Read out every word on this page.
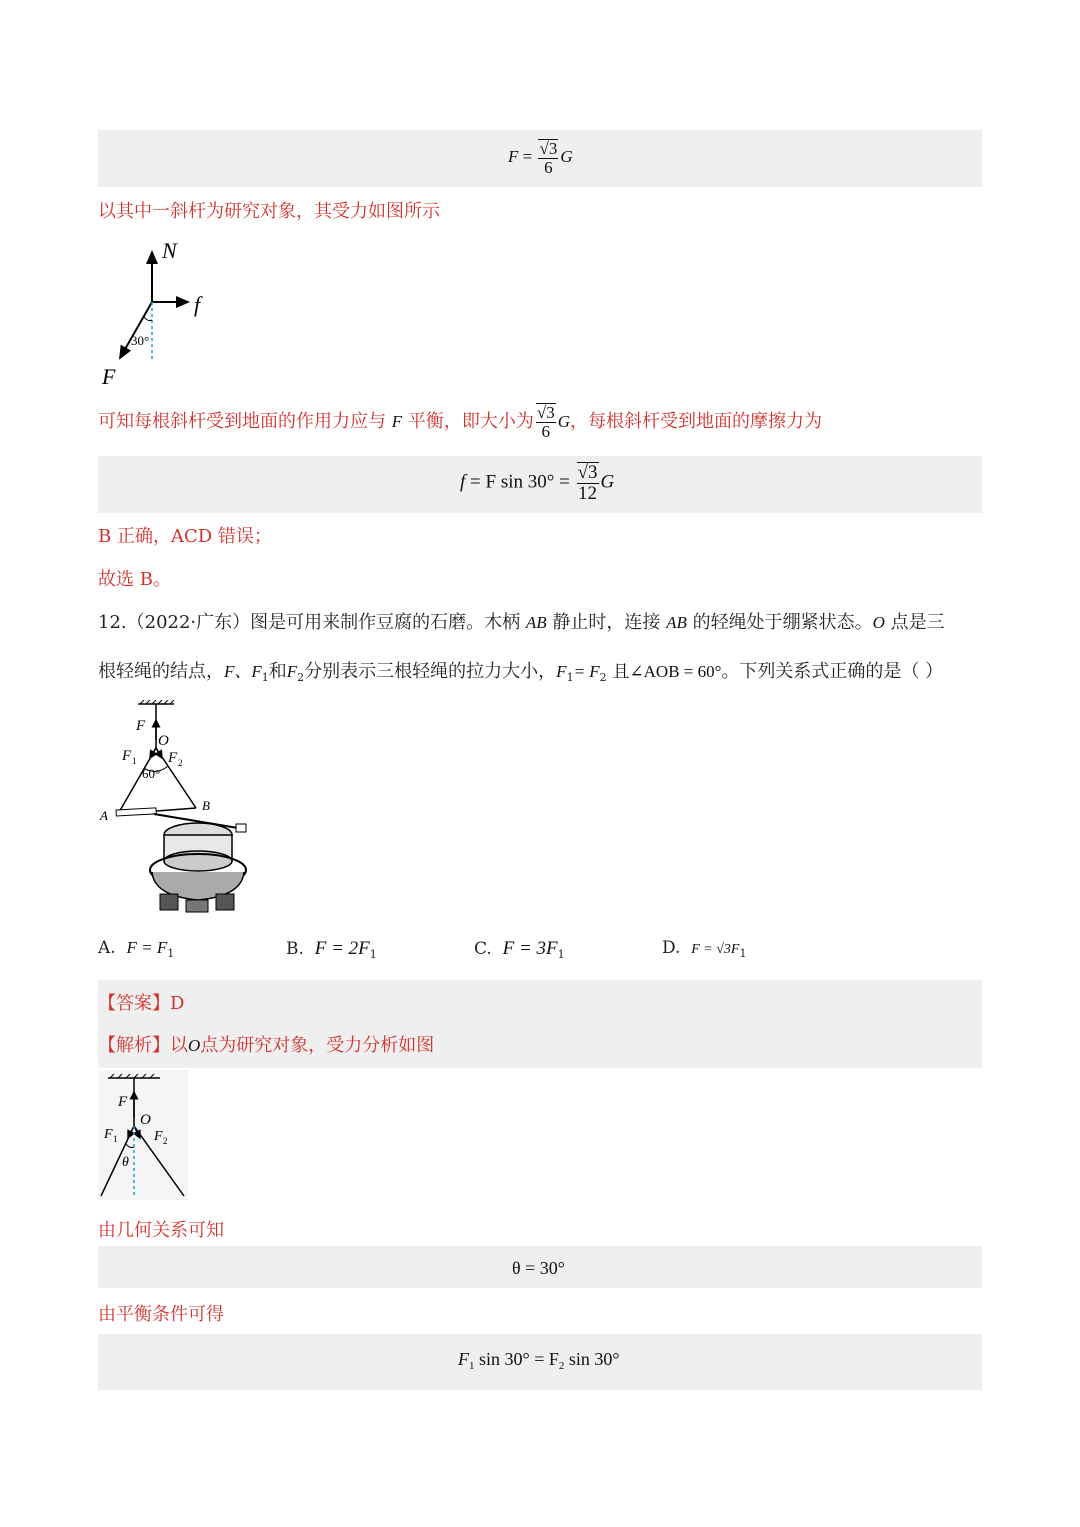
$F = \frac{√3}{6}$ G
以其中一斜杆为研究对象，其受力如图所示
N
f
F
30°
可知每根斜杆受到地面的作用力应与 F 平衡，即大小为 $\frac{√3}{6}$ G，每根斜杆受到地面的摩擦力为
f = F $\sin 30^\circ = \frac{√3}{12}$ G
B 正确，ACD 错误；
故选 B。
12.（2022·广东）图是可用来制作豆腐的石磨。木柄 AB 静止时，连接 AB 的轻绳处于绷紧状态。O 点是三
根轻绳的结点，F、$F_1$和$F_2$分别表示三根轻绳的拉力大小，$F_1= F_2$ 且∠AOB = 60°。下列关系式正确的是（ ）
F
O
F 1 F 2
60°
A
B
A. $F = F_1$	B. $F = 2F_1$	C. $F = 3F_1$	D. $F = √3F_1$
【答案】D
【解析】以O点为研究对象，受力分析如图
F
O
F 1	F 2
θ
由几何关系可知
θ = 30°
由平衡条件可得
$F_1$ $\sin 30^\circ = F_2$ sin 30°
